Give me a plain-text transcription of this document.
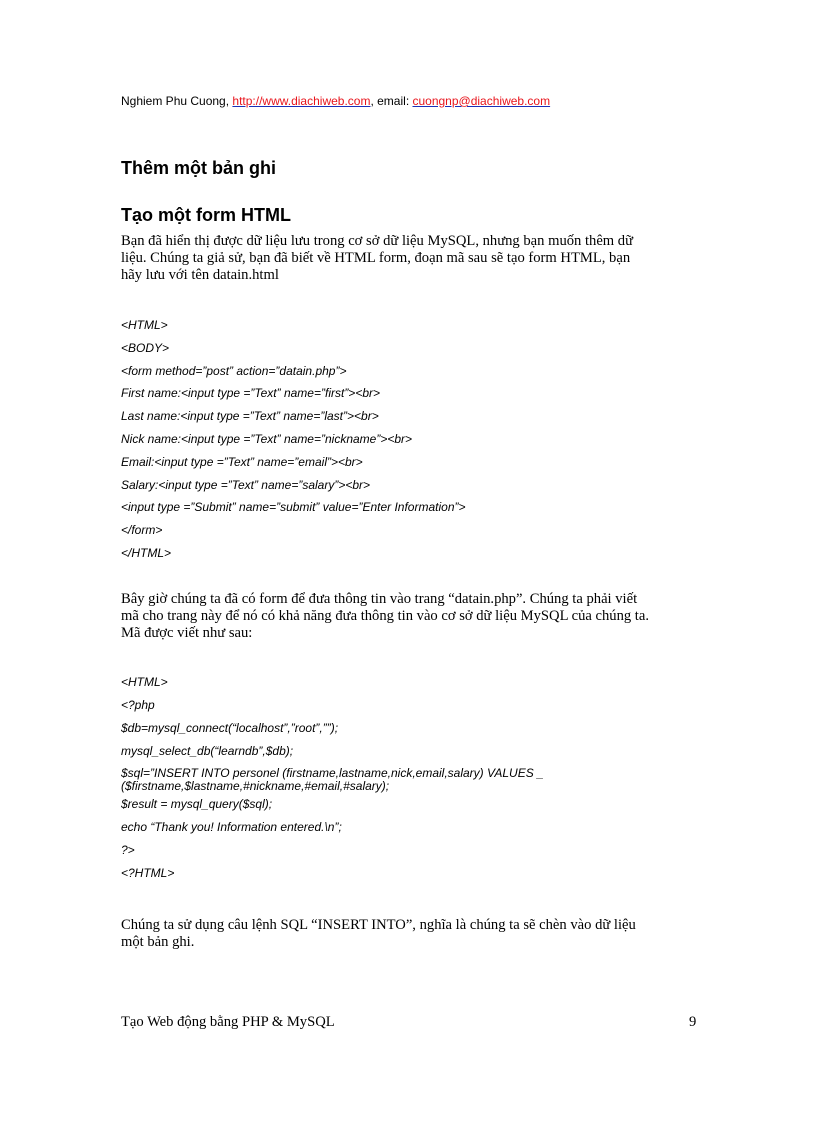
Nghiem Phu Cuong, http://www.diachiweb.com, email: cuongnp@diachiweb.com
Thêm một bản ghi
Tạo một form HTML

Bạn đã hiển thị được dữ liệu lưu trong cơ sở dữ liệu MySQL, nhưng bạn muốn thêm dữ
liệu. Chúng ta giả sử, bạn đã biết về HTML form, đoạn mã sau sẽ tạo form HTML, bạn
hãy lưu với tên datain.html

<HTML>
<BODY>
<form method=”post” action=”datain.php”>
First name:<input type =”Text” name=”first”><br>
Last name:<input type =”Text” name=”last”><br>
Nick name:<input type =”Text” name=”nickname”><br>
Email:<input type =”Text” name=”email”><br>
Salary:<input type =”Text” name=”salary”><br>
<input type =”Submit” name=”submit” value=”Enter Information”>
</form>
</HTML>

Bây giờ chúng ta đã có form để đưa thông tin vào trang “datain.php”. Chúng ta phải viết
mã cho trang này để nó có khả năng đưa thông tin vào cơ sở dữ liệu MySQL của chúng ta.
Mã được viết như sau:

<HTML>
<?php
$db=mysql_connect(“localhost”,”root”,””);
mysql_select_db(“learndb”,$db);
$sql=”INSERT INTO personel (firstname,lastname,nick,email,salary) VALUES _
($firstname,$lastname,#nickname,#email,#salary);
$result = mysql_query($sql);
echo “Thank you! Information entered.\n”;
?>
<?HTML>

Chúng ta sử dụng câu lệnh SQL “INSERT INTO”, nghĩa là chúng ta sẽ chèn vào dữ liệu
một bản ghi.

Tạo Web động bằng PHP & MySQL	9
